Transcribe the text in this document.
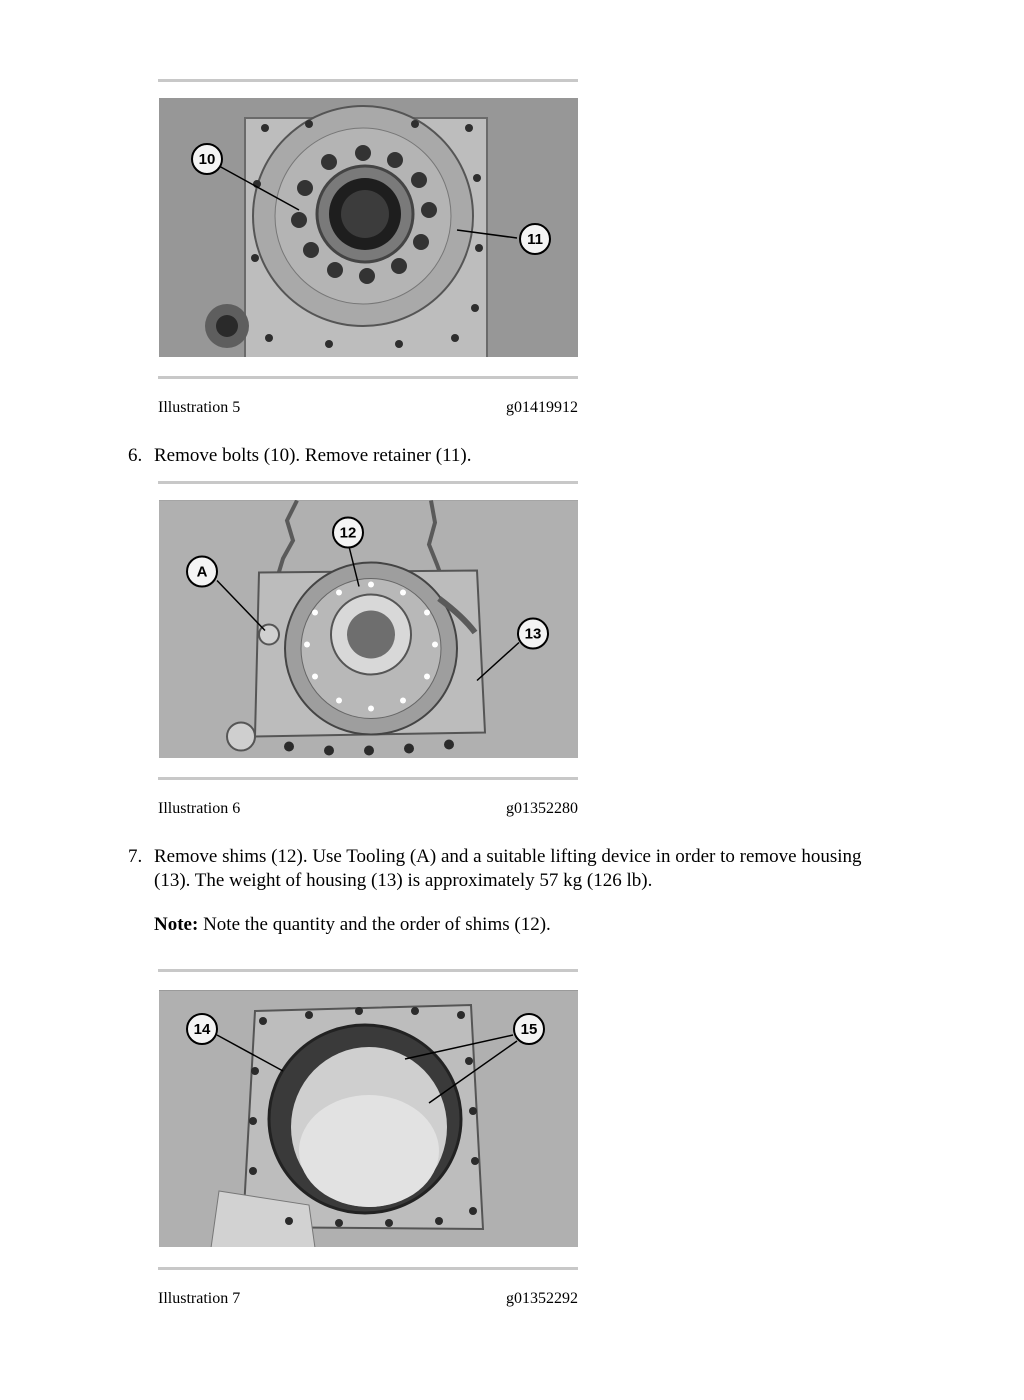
10
11
Illustration 5	g01419912
6. Remove bolts (10). Remove retainer (11).
12
A
13
Illustration 6	g01352280
7. Remove shims (12). Use Tooling (A) and a suitable lifting device in order to remove housing (13). The weight of housing (13) is approximately 57 kg (126 lb).
Note: Note the quantity and the order of shims (12).
14	15
Illustration 7	g01352292
